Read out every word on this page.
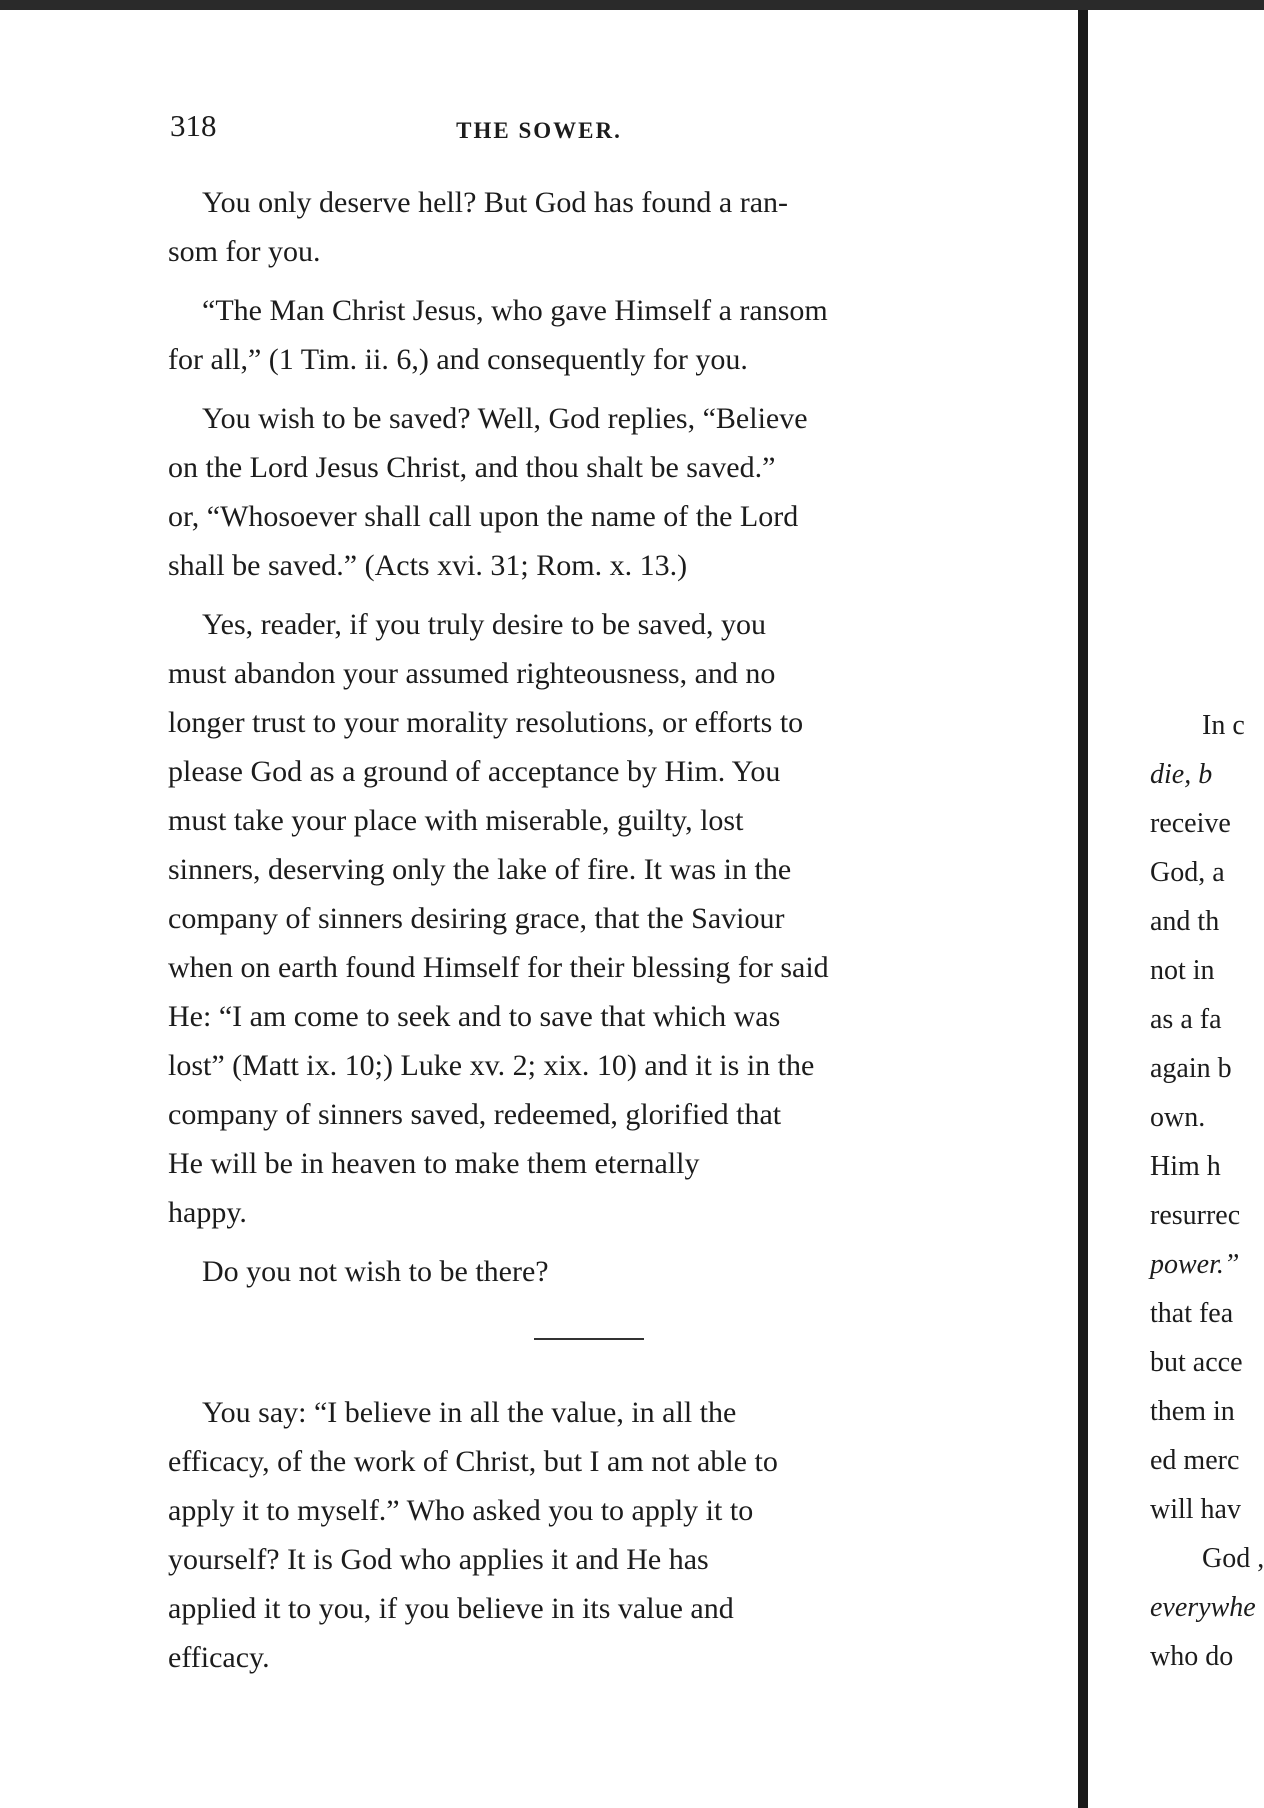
318	THE SOWER.
You only deserve hell? But God has found a ran-
som for you.
“The Man Christ Jesus, who gave Himself a ransom
for all,” (1 Tim. ii. 6,) and consequently for you.
You wish to be saved? Well, God replies, “Believe
on the Lord Jesus Christ, and thou shalt be saved.”
or, “Whosoever shall call upon the name of the Lord
shall be saved.” (Acts xvi. 31; Rom. x. 13.)
Yes, reader, if you truly desire to be saved, you
must abandon your assumed righteousness, and no
longer trust to your morality resolutions, or efforts to
please God as a ground of acceptance by Him. You
must take your place with miserable, guilty, lost
sinners, deserving only the lake of fire. It was in the
company of sinners desiring grace, that the Saviour
when on earth found Himself for their blessing for said
He: “I am come to seek and to save that which was
lost” (Matt ix. 10;) Luke xv. 2; xix. 10) and it is in the
company of sinners saved, redeemed, glorified that
He will be in heaven to make them eternally
happy.
Do you not wish to be there?
You say: “I believe in all the value, in all the
efficacy, of the work of Christ, but I am not able to
apply it to myself.” Who asked you to apply it to
yourself? It is God who applies it and He has
applied it to you, if you believe in its value and
efficacy.
In c
die, b
receive
God, a
and th
not in
as a fa
again b
own.
Him h
resurrec
power.”
that fea
but acce
them in
ed merc
will hav
God ,
everywhe
who do
